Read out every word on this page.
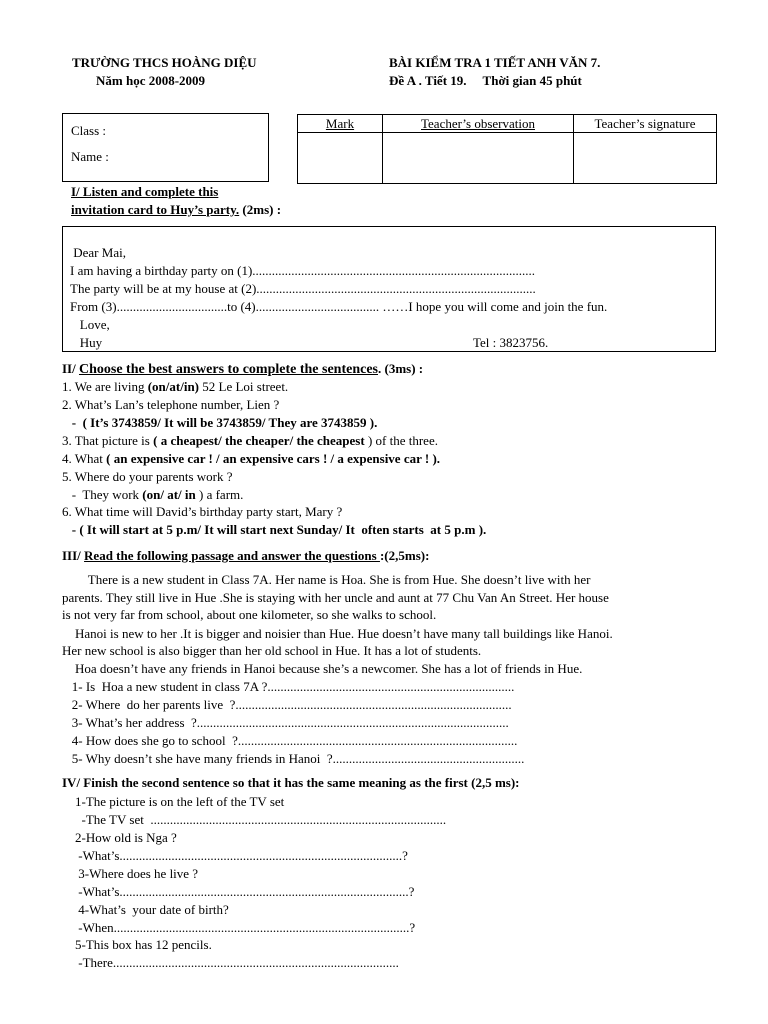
TRƯỜNG THCS HOÀNG DIỆU
Năm học 2008-2009
BÀI KIỂM TRA 1 TIẾT ANH VĂN 7.
Đề A . Tiết 19.     Thời gian 45 phút
Class :
Name :
Mark	Teacher’s observation	Teacher’s signature

I/ Listen and complete this
invitation card to Huy’s party. (2ms) :
Dear Mai,
I am having a birthday party on (1).......................................................................................
The party will be at my house at (2)......................................................................................
From (3)..................................to (4)...................................... ……I hope you will come and join the fun.
Love,
Huy	Tel : 3823756.
II/ Choose the best answers to complete the sentences. (3ms) :
1. We are living (on/at/in) 52 Le Loi street.
2. What’s Lan’s telephone number, Lien ?
-  ( It’s 3743859/ It will be 3743859/ They are 3743859 ).
3. That picture is ( a cheapest/ the cheaper/ the cheapest ) of the three.
4. What ( an expensive car ! / an expensive cars ! / a expensive car ! ).
5. Where do your parents work ?
-  They work (on/ at/ in ) a farm.
6. What time will David’s birthday party start, Mary ?
- ( It will start at 5 p.m/ It will start next Sunday/ It  often starts  at 5 p.m ).
III/ Read the following passage and answer the questions :(2,5ms):
There is a new student in Class 7A. Her name is Hoa. She is from Hue. She doesn’t live with her
parents. They still live in Hue .She is staying with her uncle and aunt at 77 Chu Van An Street. Her house
is not very far from school, about one kilometer, so she walks to school.
Hanoi is new to her .It is bigger and noisier than Hue. Hue doesn’t have many tall buildings like Hanoi.
Her new school is also bigger than her old school in Hue. It has a lot of students.
Hoa doesn’t have any friends in Hanoi because she’s a newcomer. She has a lot of friends in Hue.
1- Is  Hoa a new student in class 7A ?............................................................................
2- Where  do her parents live  ?.....................................................................................
3- What’s her address  ?................................................................................................
4- How does she go to school  ?......................................................................................
5- Why doesn’t she have many friends in Hanoi  ?...........................................................
IV/ Finish the second sentence so that it has the same meaning as the first (2,5 ms):
1-The picture is on the left of the TV set
-The TV set  ...........................................................................................
2-How old is Nga ?
-What’s.......................................................................................?
3-Where does he live ?
-What’s.........................................................................................?
4-What’s  your date of birth?
-When...........................................................................................?
5-This box has 12 pencils.
-There........................................................................................
